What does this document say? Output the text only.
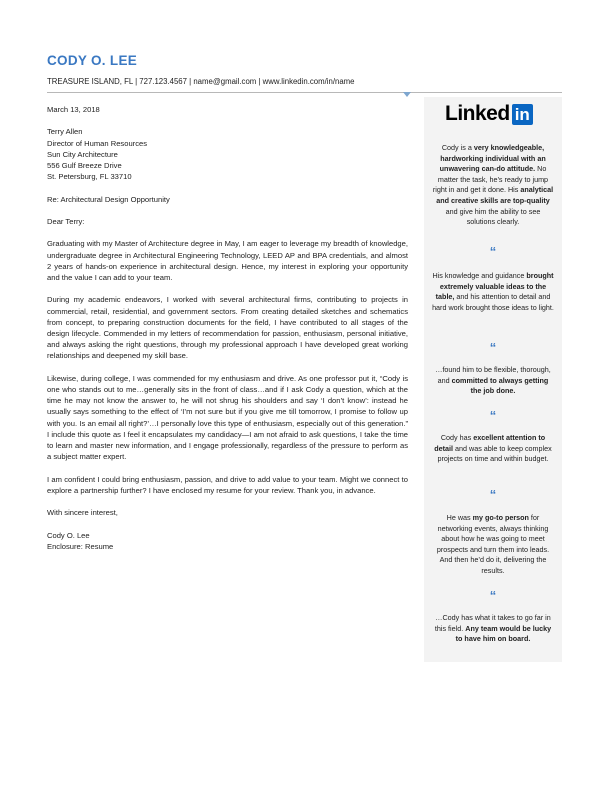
CODY O. LEE
TREASURE ISLAND, FL | 727.123.4567 | name@gmail.com | www.linkedin.com/in/name

March 13, 2018

Terry Allen

Director of Human Resources

Sun City Architecture

556 Gulf Breeze Drive

St. Petersburg, FL 33710

Re: Architectural Design Opportunity

Dear Terry:

Graduating with my Master of Architecture degree in May, I am eager to leverage my breadth of knowledge, undergraduate degree in Architectural Engineering Technology, LEED AP and BPA credentials, and almost 2 years of hands-on experience in architectural design. Hence, my interest in exploring your opportunity and the value I can add to your team.

During my academic endeavors, I worked with several architectural firms, contributing to projects in commercial, retail, residential, and government sectors. From creating detailed sketches and schematics from concept, to preparing construction documents for the field, I have contributed to all stages of the design lifecycle. Commended in my letters of recommendation for passion, enthusiasm, personal initiative, and always asking the right questions, through my professional approach I have developed great working relationships and deepened my skill base.

Likewise, during college, I was commended for my enthusiasm and drive. As one professor put it, “Cody is one who stands out to me…generally sits in the front of class…and if I ask Cody a question, which at the time he may not know the answer to, he will not shrug his shoulders and say ‘I don’t know’: instead he usually says something to the effect of ‘I’m not sure but if you give me till tomorrow, I promise to follow up with you. Is an email all right?’…I personally love this type of enthusiasm, especially out of this generation.” I include this quote as I feel it encapsulates my candidacy—I am not afraid to ask questions, I take the time to learn and master new information, and I engage professionally, regardless of the pressure to perform as a subject matter expert.

I am confident I could bring enthusiasm, passion, and drive to add value to your team. Might we connect to explore a partnership further? I have enclosed my resume for your review. Thank you, in advance.

With sincere interest,

Cody O. Lee

Enclosure: Resume

Linked in
Cody is a very knowledgeable, hardworking individual with an unwavering can-do attitude. No matter the task, he’s ready to jump right in and get it done. His analytical and creative skills are top-quality and give him the ability to see solutions clearly.
“
His knowledge and guidance brought extremely valuable ideas to the table, and his attention to detail and hard work brought those ideas to light.
“
…found him to be flexible, thorough, and committed to always getting the job done.
“
Cody has excellent attention to detail and was able to keep complex projects on time and within budget.
“
He was my go-to person for networking events, always thinking about how he was going to meet prospects and turn them into leads. And then he’d do it, delivering the results.
“
…Cody has what it takes to go far in this field. Any team would be lucky to have him on board.
